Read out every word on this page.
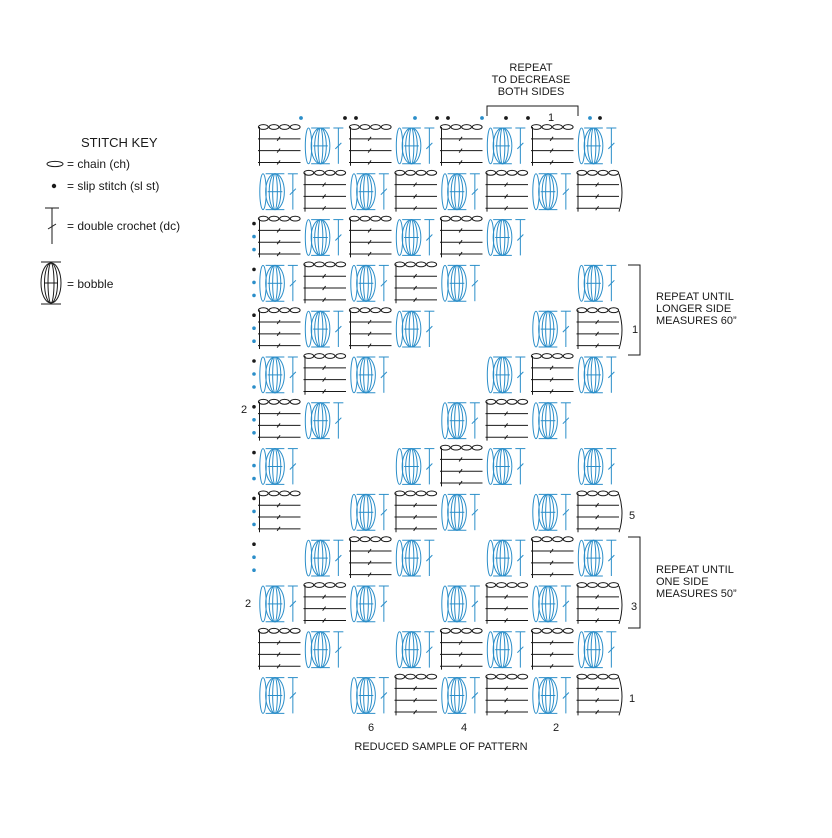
STITCH KEY
= chain (ch)
= slip stitch (sl st)
= double crochet (dc)
= bobble
REPEAT
TO DECREASE
BOTH SIDES
1
1
REPEAT UNTIL
LONGER SIDE
MEASURES 60”
5
3
REPEAT UNTIL
ONE SIDE
MEASURES 50”
1
2
2
6	4	2
REDUCED SAMPLE OF PATTERN
